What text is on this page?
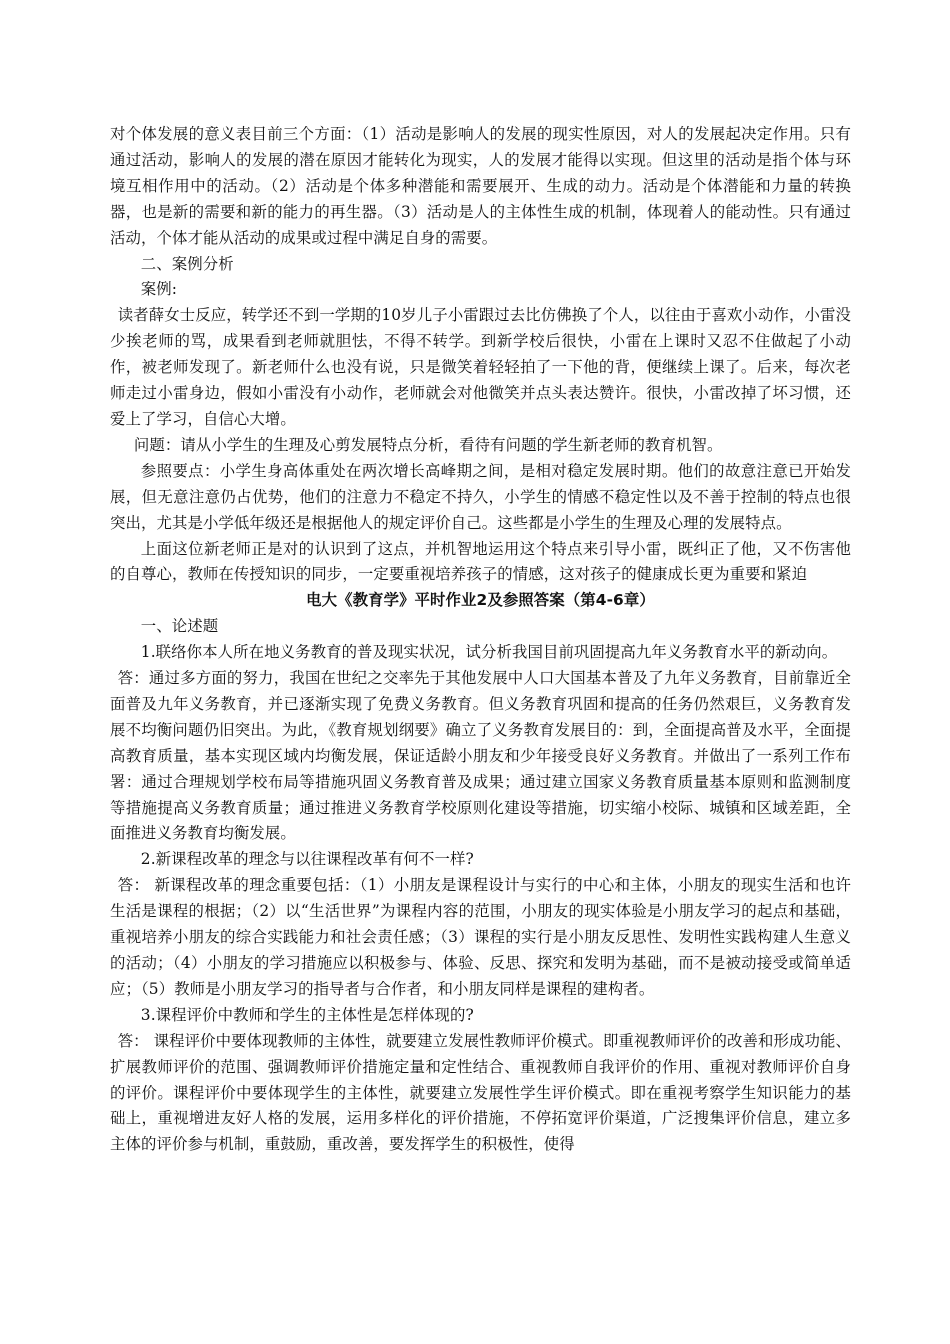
对个体发展的意义表目前三个方面：（1）活动是影响人的发展的现实性原因，对人的发展起决定作用。只有通过活动，影响人的发展的潜在原因才能转化为现实，人的发展才能得以实现。但这里的活动是指个体与环境互相作用中的活动。（2）活动是个体多种潜能和需要展开、生成的动力。活动是个体潜能和力量的转换器，也是新的需要和新的能力的再生器。（3）活动是人的主体性生成的机制，体现着人的能动性。只有通过活动，个体才能从活动的成果或过程中满足自身的需要。

二、案例分析

案例:

读者薛女士反应，转学还不到一学期的10岁儿子小雷跟过去比仿佛换了个人，以往由于喜欢小动作，小雷没少挨老师的骂，成果看到老师就胆怯，不得不转学。到新学校后很快，小雷在上课时又忍不住做起了小动作，被老师发现了。新老师什么也没有说，只是微笑着轻轻拍了一下他的背，便继续上课了。后来，每次老师走过小雷身边，假如小雷没有小动作，老师就会对他微笑并点头表达赞许。很快，小雷改掉了坏习惯，还爱上了学习，自信心大增。

问题：请从小学生的生理及心剪发展特点分析，看待有问题的学生新老师的教育机智。

参照要点：小学生身高体重处在两次增长高峰期之间，是相对稳定发展时期。他们的故意注意已开始发展，但无意注意仍占优势，他们的注意力不稳定不持久，小学生的情感不稳定性以及不善于控制的特点也很突出，尤其是小学低年级还是根据他人的规定评价自己。这些都是小学生的生理及心理的发展特点。

上面这位新老师正是对的认识到了这点，并机智地运用这个特点来引导小雷，既纠正了他，又不伤害他的自尊心，教师在传授知识的同步，一定要重视培养孩子的情感，这对孩子的健康成长更为重要和紧迫

电大《教育学》平时作业2及参照答案（第4-6章）

一、论述题

1.联络你本人所在地义务教育的普及现实状况，试分析我国目前巩固提高九年义务教育水平的新动向。

答：通过多方面的努力，我国在世纪之交率先于其他发展中人口大国基本普及了九年义务教育，目前靠近全面普及九年义务教育，并已逐渐实现了免费义务教育。但义务教育巩固和提高的任务仍然艰巨，义务教育发展不均衡问题仍旧突出。为此，《教育规划纲要》确立了义务教育发展目的：到，全面提高普及水平，全面提高教育质量，基本实现区域内均衡发展，保证适龄小朋友和少年接受良好义务教育。并做出了一系列工作布署：通过合理规划学校布局等措施巩固义务教育普及成果；通过建立国家义务教育质量基本原则和监测制度等措施提高义务教育质量；通过推进义务教育学校原则化建设等措施，切实缩小校际、城镇和区域差距，全面推进义务教育均衡发展。

2.新课程改革的理念与以往课程改革有何不一样?

答： 新课程改革的理念重要包括：（1）小朋友是课程设计与实行的中心和主体，小朋友的现实生活和也许生活是课程的根据；（2）以“生活世界”为课程内容的范围，小朋友的现实体验是小朋友学习的起点和基础，重视培养小朋友的综合实践能力和社会责任感；（3）课程的实行是小朋友反思性、发明性实践构建人生意义的活动；（4）小朋友的学习措施应以积极参与、体验、反思、探究和发明为基础，而不是被动接受或简单适应；（5）教师是小朋友学习的指导者与合作者，和小朋友同样是课程的建构者。

3.课程评价中教师和学生的主体性是怎样体现的?

答： 课程评价中要体现教师的主体性，就要建立发展性教师评价模式。即重视教师评价的改善和形成功能、扩展教师评价的范围、强调教师评价措施定量和定性结合、重视教师自我评价的作用、重视对教师评价自身的评价。课程评价中要体现学生的主体性，就要建立发展性学生评价模式。即在重视考察学生知识能力的基础上，重视增进友好人格的发展，运用多样化的评价措施，不停拓宽评价渠道，广泛搜集评价信息，建立多主体的评价参与机制，重鼓励，重改善，要发挥学生的积极性，使得
